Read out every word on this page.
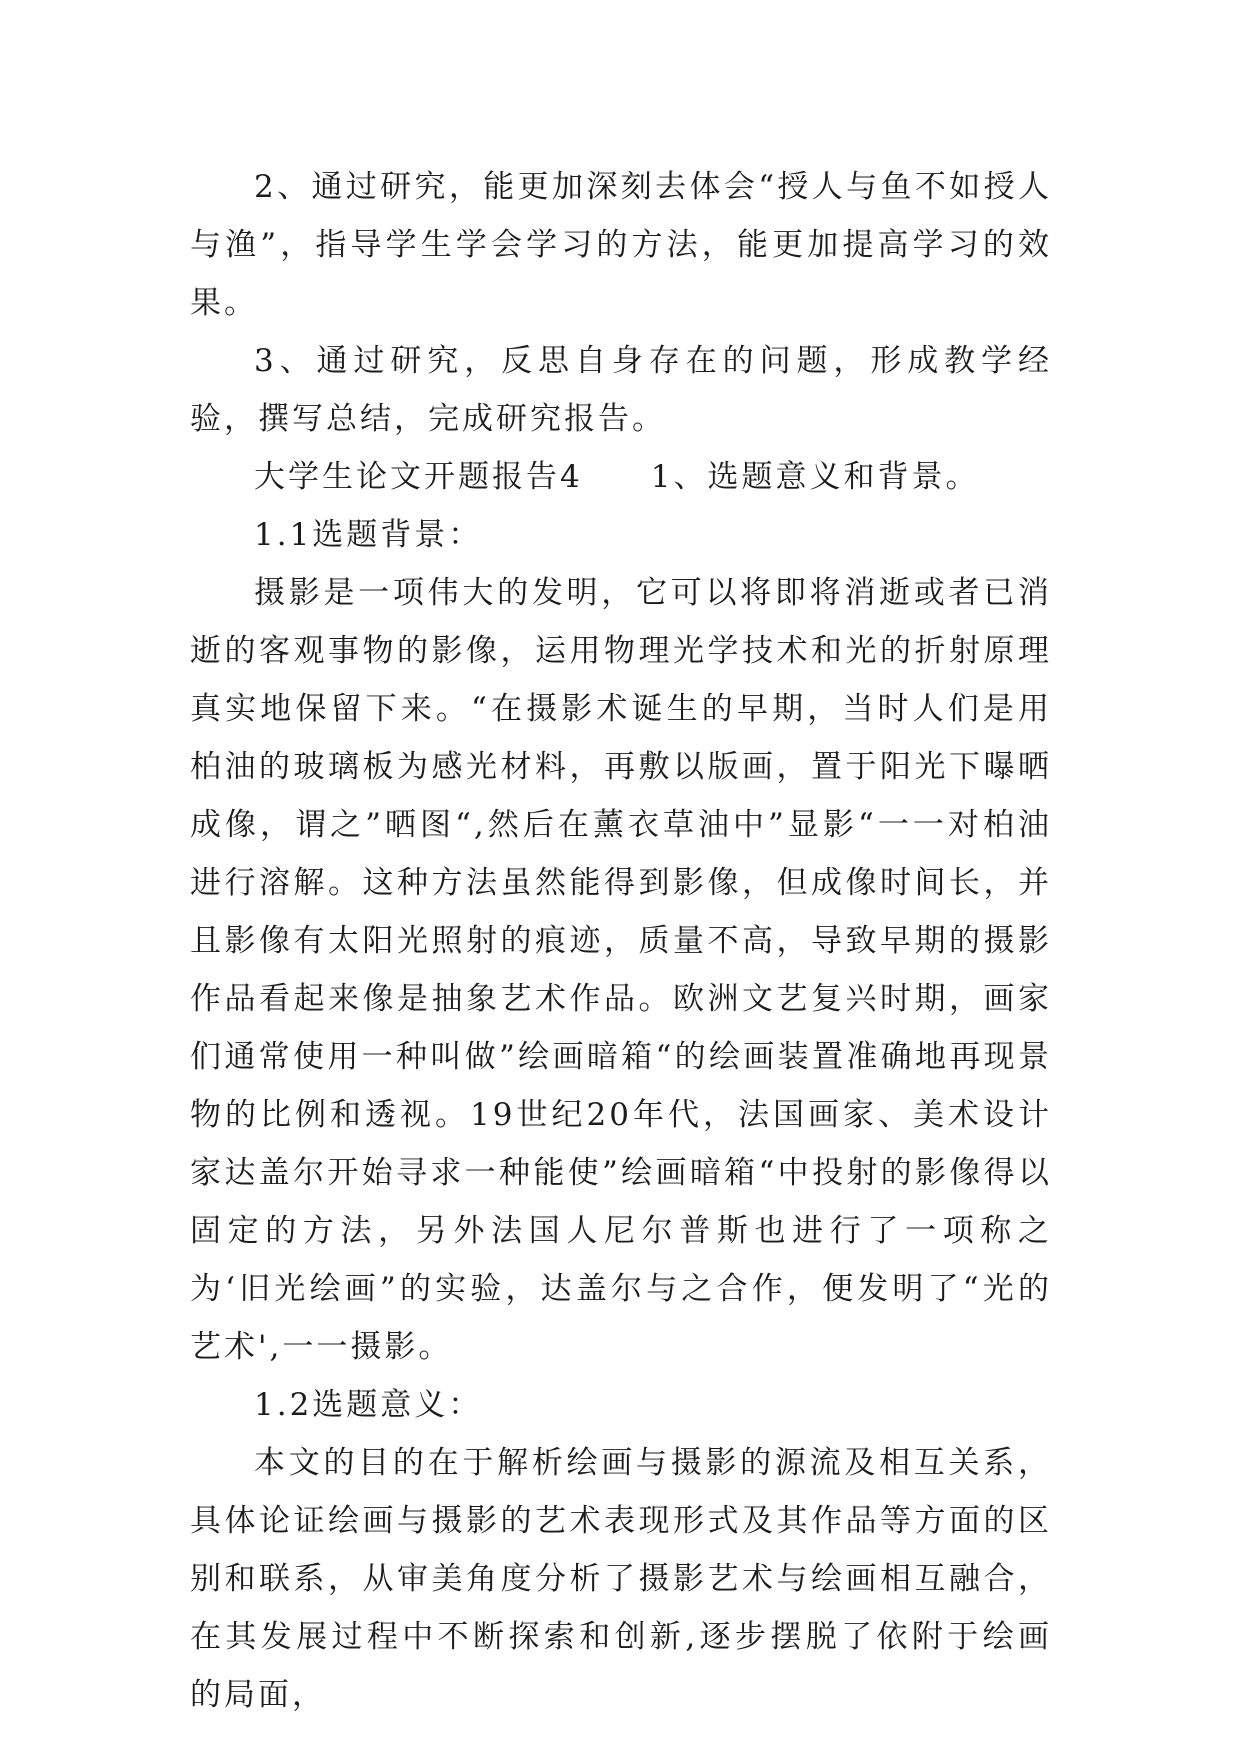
2、通过研究，能更加深刻去体会“授人与鱼不如授人与渔”，指导学生学会学习的方法，能更加提高学习的效果。

3、通过研究，反思自身存在的问题，形成教学经验，撰写总结，完成研究报告。

大学生论文开题报告4 1、选题意义和背景。

1.1选题背景：

摄影是一项伟大的发明，它可以将即将消逝或者已消逝的客观事物的影像，运用物理光学技术和光的折射原理真实地保留下来。“在摄影术诞生的早期，当时人们是用柏油的玻璃板为感光材料，再敷以版画，置于阳光下曝晒成像，谓之”晒图“,然后在薰衣草油中”显影“一一对柏油进行溶解。这种方法虽然能得到影像，但成像时间长，并且影像有太阳光照射的痕迹，质量不高，导致早期的摄影作品看起来像是抽象艺术作品。欧洲文艺复兴时期，画家们通常使用一种叫做”绘画暗箱“的绘画装置准确地再现景物的比例和透视。19世纪20年代，法国画家、美术设计家达盖尔开始寻求一种能使”绘画暗箱“中投射的影像得以固定的方法，另外法国人尼尔普斯也进行了一项称之为‘旧光绘画”的实验，达盖尔与之合作，便发明了“光的艺术',一一摄影。

1.2选题意义：

本文的目的在于解析绘画与摄影的源流及相互关系，具体论证绘画与摄影的艺术表现形式及其作品等方面的区别和联系，从审美角度分析了摄影艺术与绘画相互融合，在其发展过程中不断探索和创新,逐步摆脱了依附于绘画的局面，
